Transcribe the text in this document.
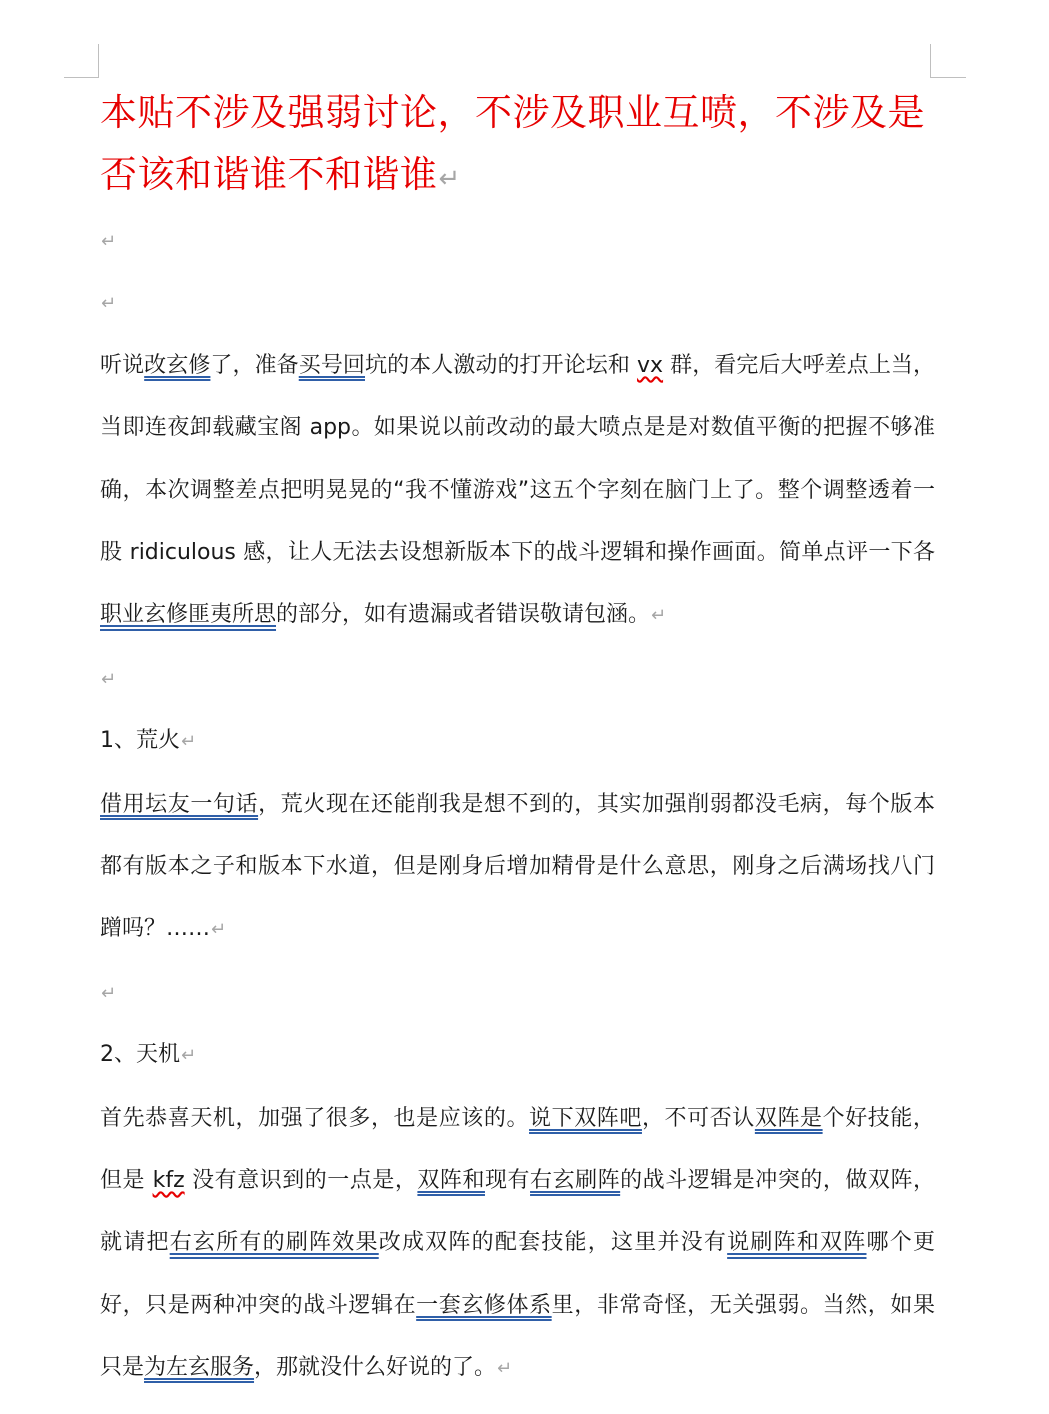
本贴不涉及强弱讨论，不涉及职业互喷，不涉及是否该和谐谁不和谐谁↵

↵
↵

听说改玄修了，准备买号回坑的本人激动的打开论坛和 vx 群，看完后大呼差点上当，当即连夜卸载藏宝阁 app。如果说以前改动的最大喷点是是对数值平衡的把握不够准确，本次调整差点把明晃晃的“我不懂游戏”这五个字刻在脑门上了。整个调整透着一股 ridiculous 感，让人无法去设想新版本下的战斗逻辑和操作画面。简单点评一下各职业玄修匪夷所思的部分，如有遗漏或者错误敬请包涵。↵

↵

1、荒火↵

借用坛友一句话，荒火现在还能削我是想不到的，其实加强削弱都没毛病，每个版本都有版本之子和版本下水道，但是刚身后增加精骨是什么意思，刚身之后满场找八门蹭吗？……↵

↵

2、天机↵

首先恭喜天机，加强了很多，也是应该的。说下双阵吧，不可否认双阵是个好技能，但是 kfz 没有意识到的一点是，双阵和现有右玄刷阵的战斗逻辑是冲突的，做双阵，就请把右玄所有的刷阵效果改成双阵的配套技能，这里并没有说刷阵和双阵哪个更好，只是两种冲突的战斗逻辑在一套玄修体系里，非常奇怪，无关强弱。当然，如果只是为左玄服务，那就没什么好说的了。↵
